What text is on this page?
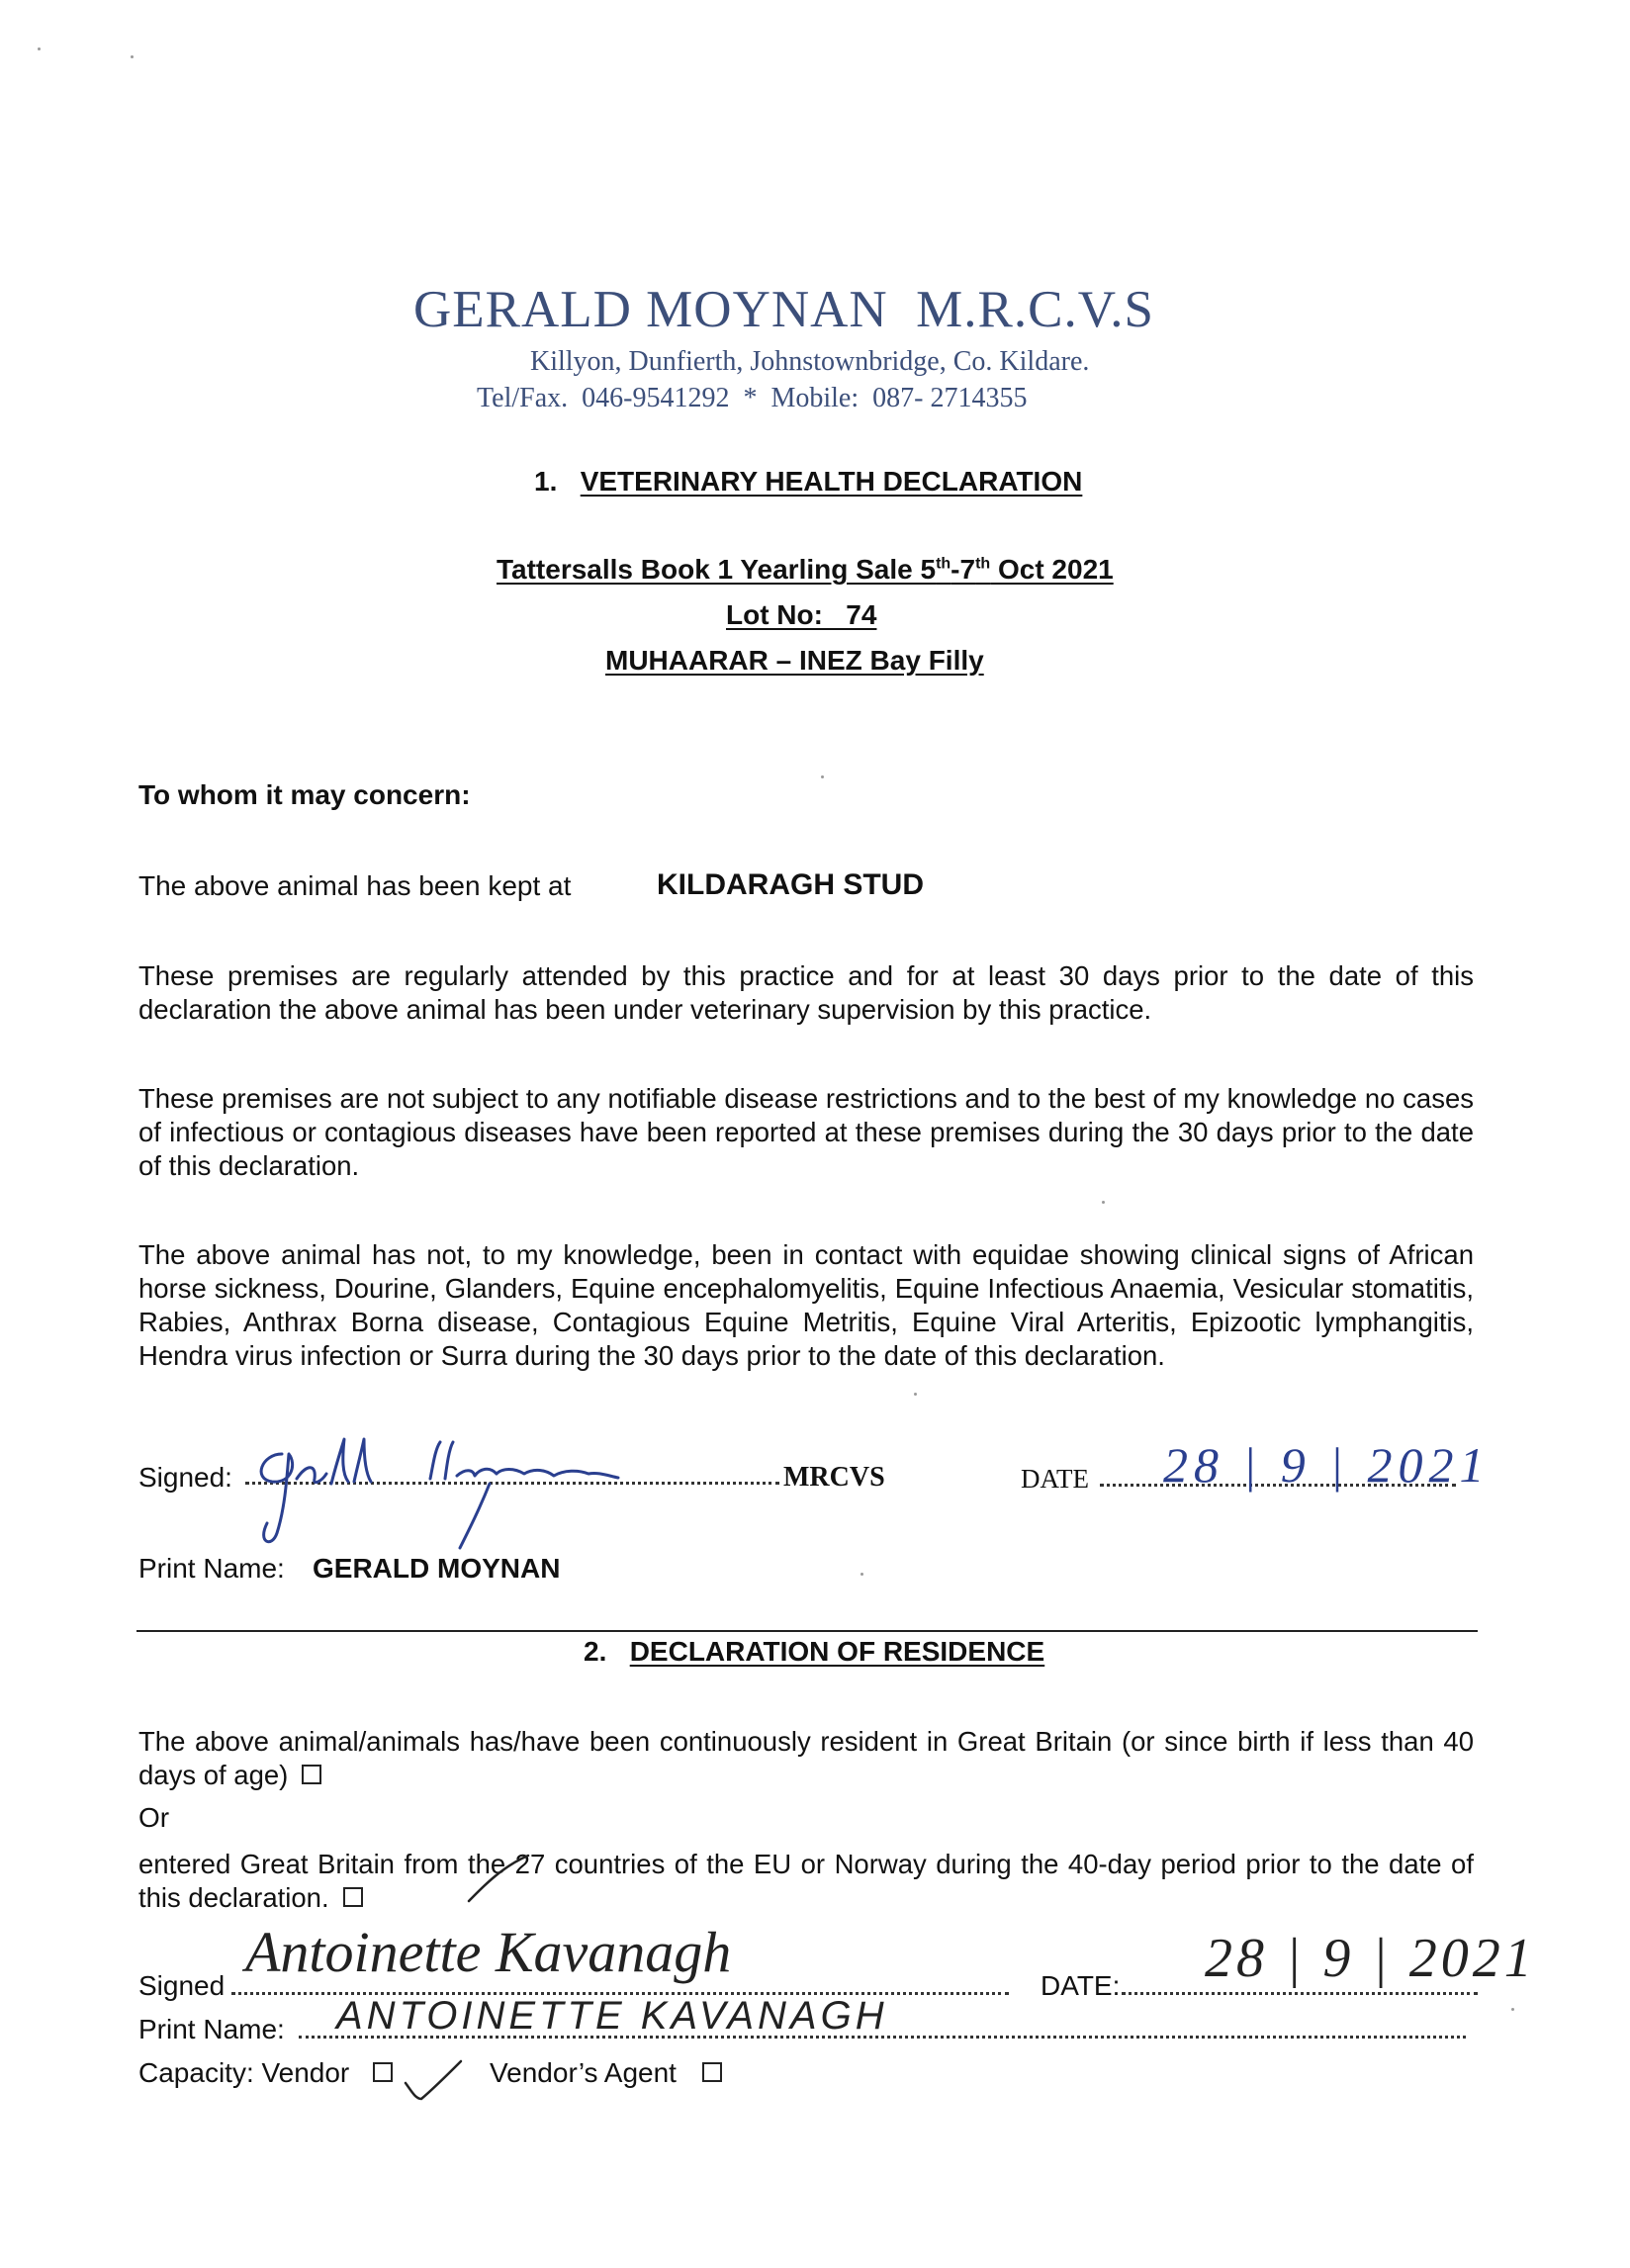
GERALD MOYNAN  M.R.C.V.S
Killyon, Dunfierth, Johnstownbridge, Co. Kildare.
Tel/Fax.  046-9541292  *  Mobile:  087- 2714355
1. VETERINARY HEALTH DECLARATION
Tattersalls Book 1 Yearling Sale 5th-7th Oct 2021
Lot No:   74
MUHAARAR – INEZ Bay Filly
To whom it may concern:
The above animal has been kept at	KILDARAGH STUD
These premises are regularly attended by this practice and for at least 30 days prior to the date of this declaration the above animal has been under veterinary supervision by this practice.
These premises are not subject to any notifiable disease restrictions and to the best of my knowledge no cases of infectious or contagious diseases have been reported at these premises during the 30 days prior to the date of this declaration.
The above animal has not, to my knowledge, been in contact with equidae showing clinical signs of African horse sickness, Dourine, Glanders, Equine encephalomyelitis, Equine Infectious Anaemia, Vesicular stomatitis, Rabies, Anthrax Borna disease, Contagious Equine Metritis, Equine Viral Arteritis, Epizootic lymphangitis, Hendra virus infection or Surra during the 30 days prior to the date of this declaration.
Signed:	MRCVS	DATE 28 | 9 | 2021
Print Name: GERALD MOYNAN
2. DECLARATION OF RESIDENCE
The above animal/animals has/have been continuously resident in Great Britain (or since birth if less than 40 days of age)
Or
entered Great Britain from the 27 countries of the EU or Norway during the 40-day period prior to the date of this declaration.
Signed
Antoinette Kavanagh
DATE: 28 | 9 | 2021
Print Name: ANTOINETTE KAVANAGH
Capacity: Vendor	Vendor’s Agent
